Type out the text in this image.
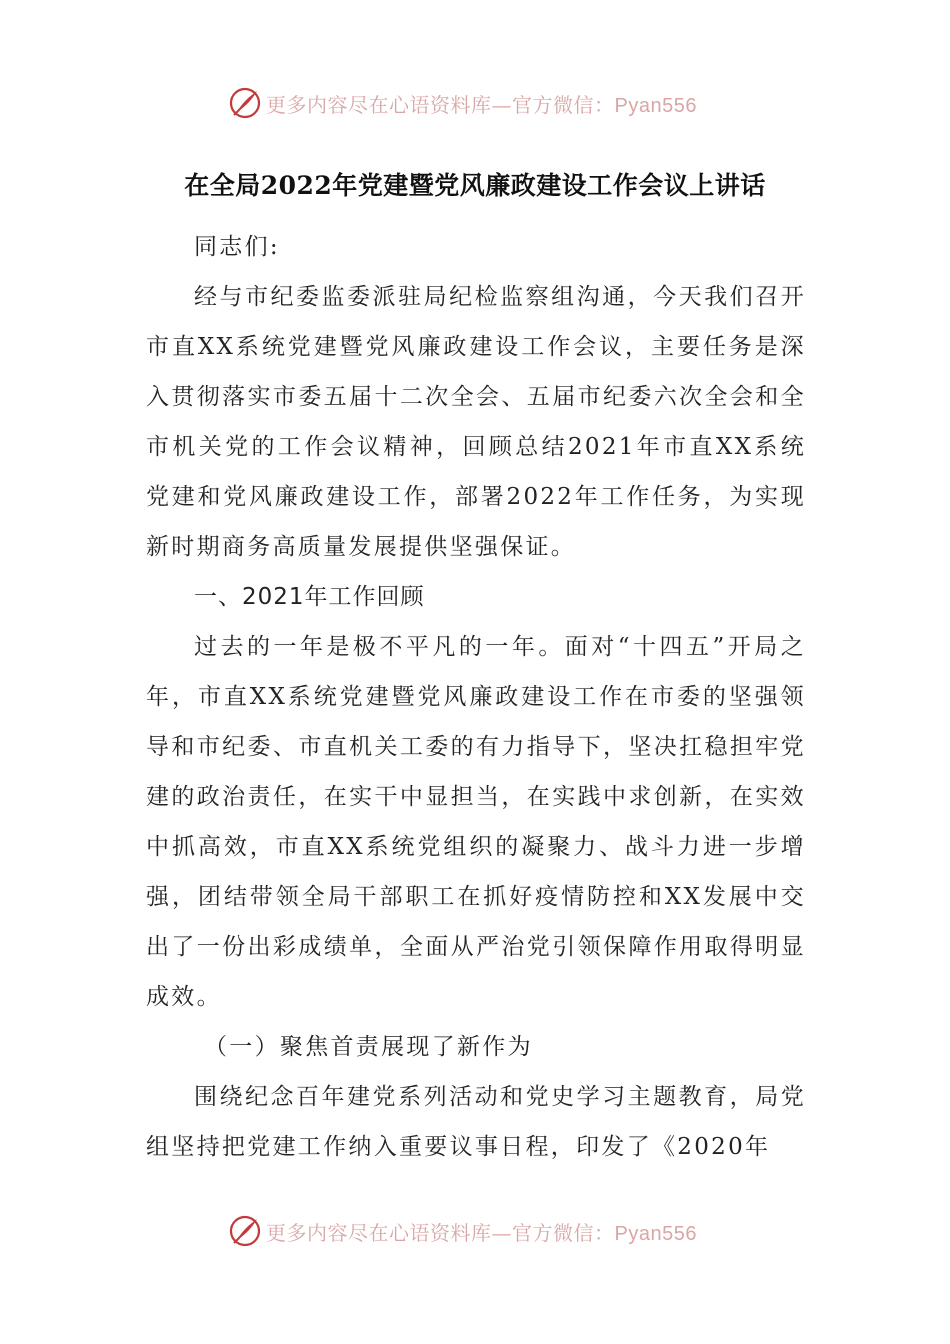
更多内容尽在心语资料库—官方微信：Pyan556
在全局2022年党建暨党风廉政建设工作会议上讲话

同志们:

经与市纪委监委派驻局纪检监察组沟通，今天我们召开市直XX系统党建暨党风廉政建设工作会议，主要任务是深入贯彻落实市委五届十二次全会、五届市纪委六次全会和全市机关党的工作会议精神，回顾总结2021年市直XX系统党建和党风廉政建设工作，部署2022年工作任务，为实现新时期商务高质量发展提供坚强保证。

一、2021年工作回顾

过去的一年是极不平凡的一年。面对“十四五”开局之年，市直XX系统党建暨党风廉政建设工作在市委的坚强领导和市纪委、市直机关工委的有力指导下，坚决扛稳担牢党建的政治责任，在实干中显担当，在实践中求创新，在实效中抓高效，市直XX系统党组织的凝聚力、战斗力进一步增强，团结带领全局干部职工在抓好疫情防控和XX发展中交出了一份出彩成绩单，全面从严治党引领保障作用取得明显成效。

（一）聚焦首责展现了新作为

围绕纪念百年建党系列活动和党史学习主题教育，局党组坚持把党建工作纳入重要议事日程，印发了《2020年

更多内容尽在心语资料库—官方微信：Pyan556
